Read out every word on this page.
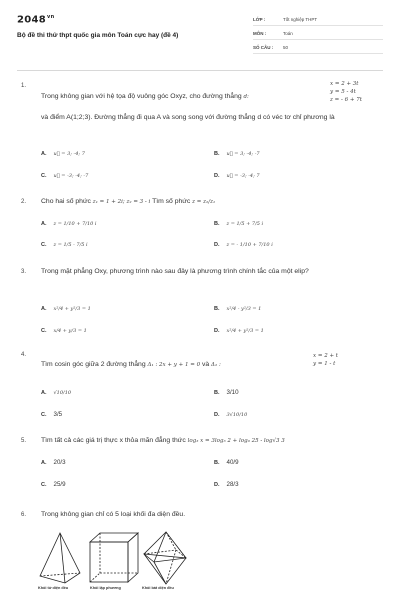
$2048^{vn}$
Bộ đề thi thử thpt quốc gia môn Toán cực hay (đề 4)
LỚP :	Tốt nghiệp THPT
MÔN :	Toán
SỐ CÂU : 50
1.	x = 2 + 3t
y = 5 - 4t
z = - 6 + 7t
Trong không gian với hệ tọa độ vuông góc Oxyz, cho đường thẳng d:
và điểm A(1;2;3). Đường thẳng đi qua A và song song với đường thẳng d có véc tơ chỉ phương là
A. u⃗ = 3; -4; 7	B. u⃗ = 3; -4; -7
C. u⃗ = -3; -4; -7	D. u⃗ = -3; -4; 7
2. Cho hai số phức z₁ = 1 + 2i; z₂ = 3 - i Tìm số phức z = z₂/z₁
A. z = 1/10 + 7/10 i	B. z = 1/5 + 7/5 i
C. z = 1/5 - 7/5 i	D. z = - 1/10 + 7/10 i
3. Trong mặt phẳng Oxy, phương trình nào sau đây là phương trình chính tắc của một elip?
A. x²/4 + y²/3 = 1	B. x²/4 - y²/3 = 1
C. x/4 + y/3 = 1	D. x²/4 + y²/3 = 1
4.	x = 2 + t
y = 1 - t
Tìm cosin góc giữa 2 đường thẳng Δ₁ : 2x + y + 1 = 0 và Δ₂ :
A. √10/10	B. 3/10
C. 3/5	D. 3√10/10
5. Tìm tất cả các giá trị thực x thỏa mãn đẳng thức log₃ x = 3log₃ 2 + log₉ 25 - log√3 3
A. 20/3	B. 40/9
C. 25/9	D. 28/3
6. Trong không gian chỉ có 5 loại khối đa diện đều.
Khối tứ diện đều	Khối lập phương	Khối bát diện đều
